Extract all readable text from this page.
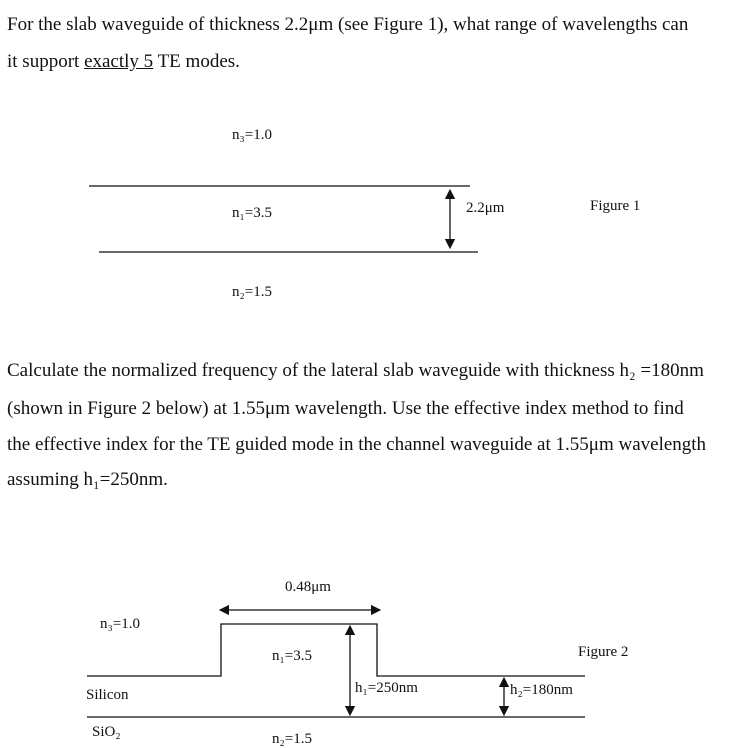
For the slab waveguide of thickness 2.2μm (see Figure 1), what range of wavelengths can

it support exactly 5 TE modes.

n₃=1.0
n₁=3.5
n₂=1.5
2.2μm	Figure 1

Calculate the normalized frequency of the lateral slab waveguide with thickness h₂ =180nm

(shown in Figure 2 below) at 1.55μm wavelength. Use the effective index method to find

the effective index for the TE guided mode in the channel waveguide at 1.55μm wavelength

assuming h₁=250nm.

0.48μm
n₃=1.0
n₁=3.5	Figure 2
h₁=250nm	h₂=180nm
Silicon
SiO₂	n₂=1.5
